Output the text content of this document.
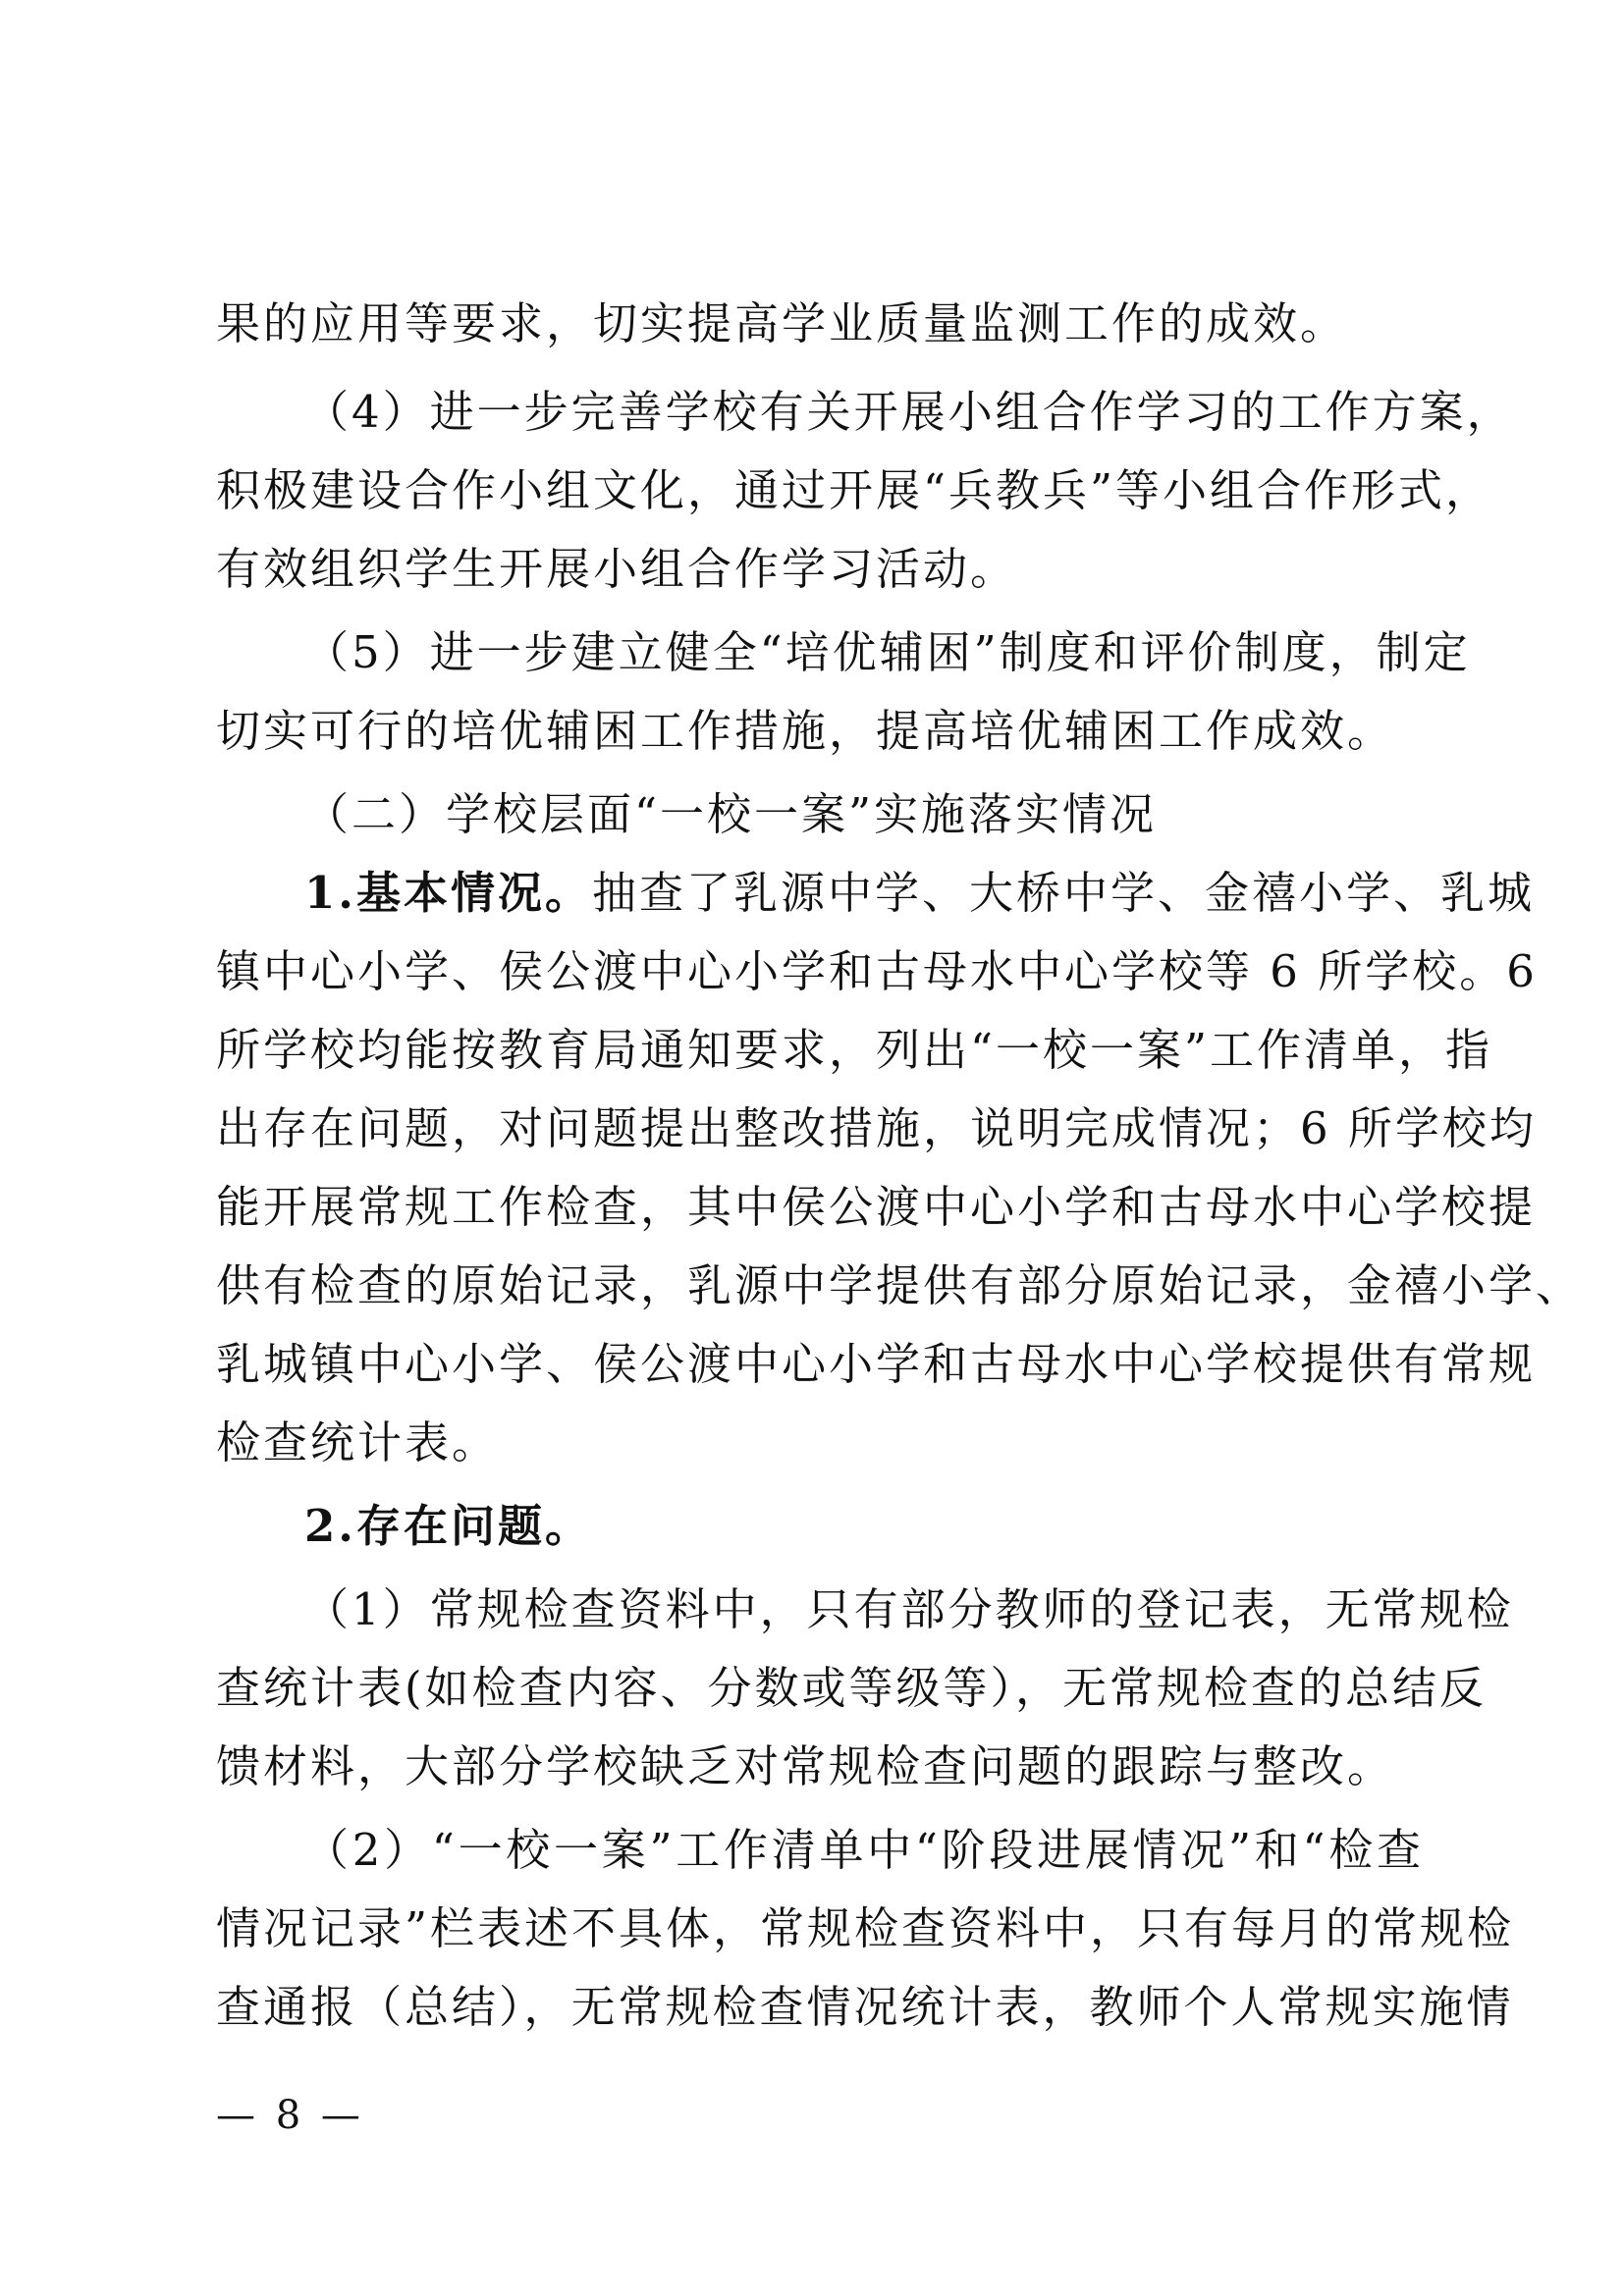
果的应用等要求，切实提高学业质量监测工作的成效。
（4）进一步完善学校有关开展小组合作学习的工作方案，
积极建设合作小组文化，通过开展“兵教兵”等小组合作形式，
有效组织学生开展小组合作学习活动。
（5）进一步建立健全“培优辅困”制度和评价制度，制定
切实可行的培优辅困工作措施，提高培优辅困工作成效。
（二）学校层面“一校一案”实施落实情况
1.基本情况。抽查了乳源中学、大桥中学、金禧小学、乳城
镇中心小学、侯公渡中心小学和古母水中心学校等 6 所学校。6
所学校均能按教育局通知要求，列出“一校一案”工作清单，指
出存在问题，对问题提出整改措施，说明完成情况；6 所学校均
能开展常规工作检查，其中侯公渡中心小学和古母水中心学校提
供有检查的原始记录，乳源中学提供有部分原始记录，金禧小学、
乳城镇中心小学、侯公渡中心小学和古母水中心学校提供有常规
检查统计表。
2.存在问题。
（1）常规检查资料中，只有部分教师的登记表，无常规检
查统计表(如检查内容、分数或等级等），无常规检查的总结反
馈材料，大部分学校缺乏对常规检查问题的跟踪与整改。
（2）“一校一案”工作清单中“阶段进展情况”和“检查
情况记录”栏表述不具体，常规检查资料中，只有每月的常规检
查通报（总结），无常规检查情况统计表，教师个人常规实施情
— 8 —
